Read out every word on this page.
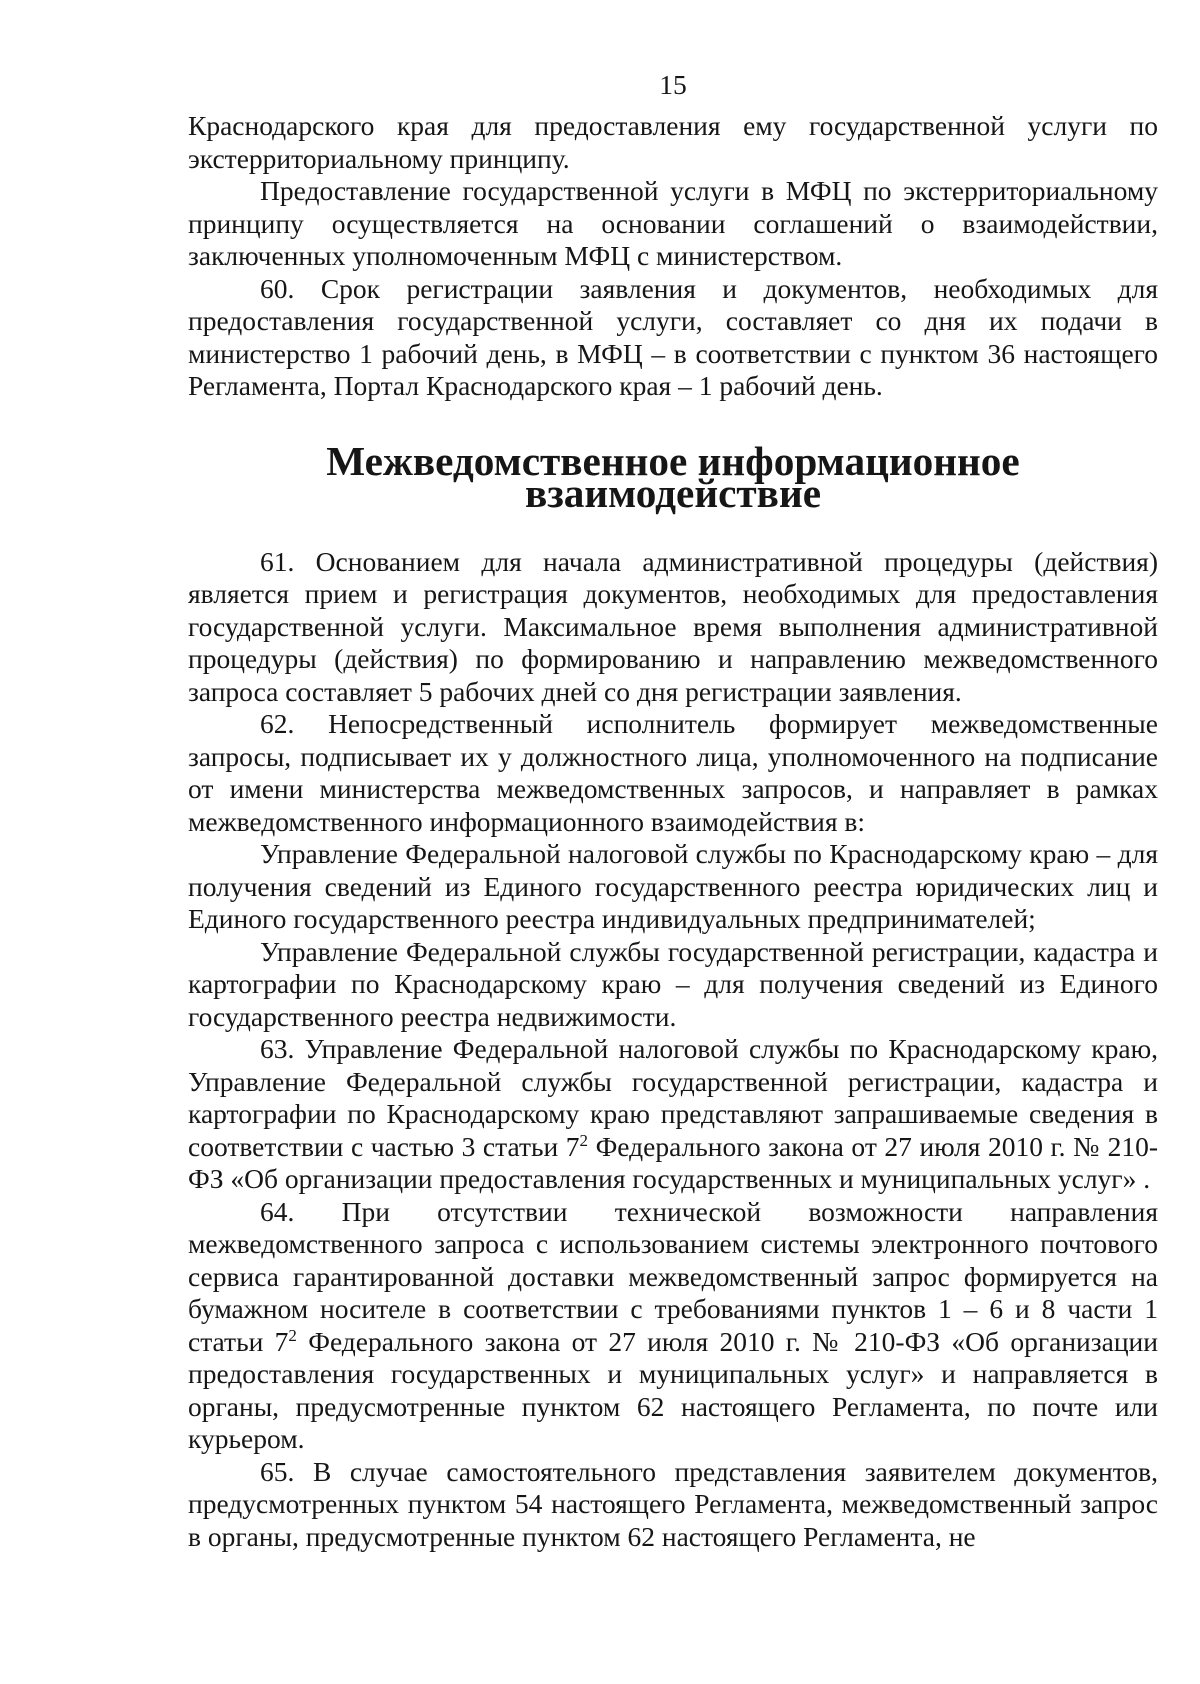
15

Краснодарского края для предоставления ему государственной услуги по экстерриториальному принципу.

Предоставление государственной услуги в МФЦ по экстерриториальному принципу осуществляется на основании соглашений о взаимодействии, заключенных уполномоченным МФЦ с министерством.

60. Срок регистрации заявления и документов, необходимых для предоставления государственной услуги, составляет со дня их подачи в министерство 1 рабочий день, в МФЦ – в соответствии с пунктом 36 настоящего Регламента, Портал Краснодарского края – 1 рабочий день.

Межведомственное информационное взаимодействие

61. Основанием для начала административной процедуры (действия) является прием и регистрация документов, необходимых для предоставления государственной услуги. Максимальное время выполнения административной процедуры (действия) по формированию и направлению межведомственного запроса составляет 5 рабочих дней со дня регистрации заявления.

62. Непосредственный исполнитель формирует межведомственные запросы, подписывает их у должностного лица, уполномоченного на подписание от имени министерства межведомственных запросов, и направляет в рамках межведомственного информационного взаимодействия в:

Управление Федеральной налоговой службы по Краснодарскому краю – для получения сведений из Единого государственного реестра юридических лиц и Единого государственного реестра индивидуальных предпринимателей;

Управление Федеральной службы государственной регистрации, кадастра и картографии по Краснодарскому краю – для получения сведений из Единого государственного реестра недвижимости.

63. Управление Федеральной налоговой службы по Краснодарскому краю, Управление Федеральной службы государственной регистрации, кадастра и картографии по Краснодарскому краю представляют запрашиваемые сведения в соответствии с частью 3 статьи $7^2$ Федерального закона от 27 июля 2010 г. № 210-ФЗ «Об организации предоставления государственных и муниципальных услуг» .

64. При отсутствии технической возможности направления межведомственного запроса с использованием системы электронного почтового сервиса гарантированной доставки межведомственный запрос формируется на бумажном носителе в соответствии с требованиями пунктов 1 – 6 и 8 части 1 статьи $7^2$ Федерального закона от 27 июля 2010 г. № 210-ФЗ «Об организации предоставления государственных и муниципальных услуг» и направляется в органы, предусмотренные пунктом 62 настоящего Регламента, по почте или курьером.

65. В случае самостоятельного представления заявителем документов, предусмотренных пунктом 54 настоящего Регламента, межведомственный запрос в органы, предусмотренные пунктом 62 настоящего Регламента, не
